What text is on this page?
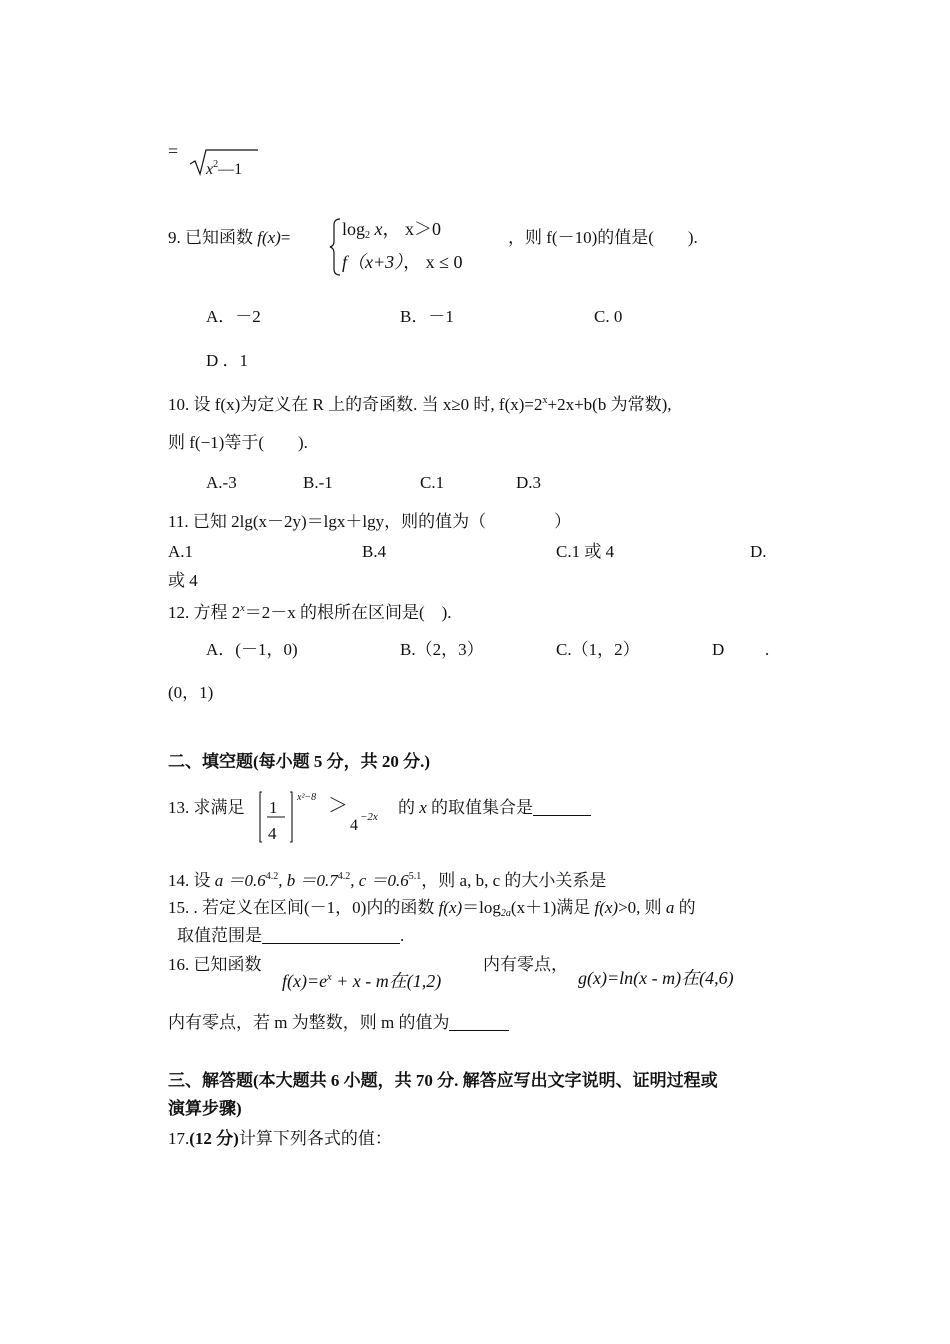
=
$x^2—1$
9. 已知函数 f(x)=	$\log_2 x$， x＞0
f（x+3）， x ≤ 0
，则 f(－10)的值是(　　).
A．－2	B．－1	C. 0
D ．1
10. 设 f(x)为定义在 R 上的奇函数. 当 x≥0 时, $f(x)=2^x+2x+b(b$ 为常数),
则 f(−1)等于(　　).
A.-3	B.-1	C.1	D.3
11. 已知 2lg(x－2y)＝lgx＋lgy，则的值为（　　　　）
A.1	B.4	C.1 或 4	D.
或 4
12. 方程 $2^x=2-x$ 的根所在区间是(　).
A．(－1，0)	B.（2，3）	C.（1，2）	D .
(0，1)
二、填空题(每小题 5 分，共 20 分.)
13. 求满足 1
4
x²−8 ＞
4 −2x 的 x 的取值集合是
14. 设 $a =0.6^{4.2}$, $b =0.7^{4.2}$, $c =0.6^{5.1}$，则 a, b, c 的大小关系是
15. . 若定义在区间(－1，0)内的函数 $f(x)=\log_{2a}(x+1)$满足 f(x)>0, 则 a 的
取值范围是	.
16. 已知函数
$f(x)=e^x + x - m$在(1,2)
内有零点，
g(x)=ln(x - m)在(4,6)
内有零点，若 m 为整数，则 m 的值为
三、解答题(本大题共 6 小题，共 70 分. 解答应写出文字说明、证明过程或
演算步骤)
17.(12 分)计算下列各式的值：
